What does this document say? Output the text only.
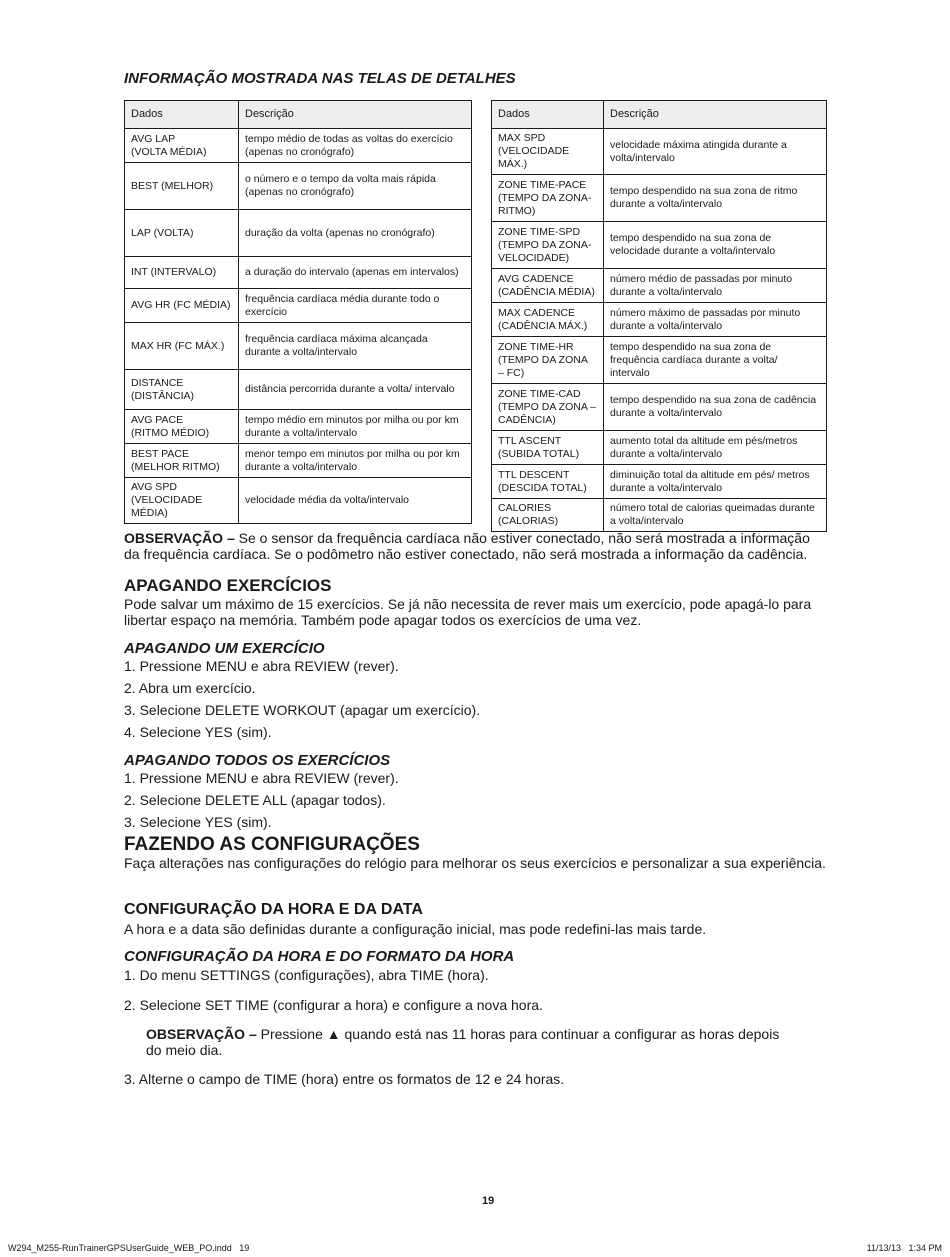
INFORMAÇÃO MOSTRADA NAS TELAS DE DETALHES
Dados	Descrição
AVG LAP
(VOLTA MÉDIA)	tempo médio de todas as voltas do exercício (apenas no cronógrafo)
BEST (MELHOR)	o número e o tempo da volta mais rápida (apenas no cronógrafo)
LAP (VOLTA)	duração da volta (apenas no cronógrafo)
INT (INTERVALO)	a duração do intervalo (apenas em intervalos)
AVG HR (FC MÉDIA)	frequência cardíaca média durante todo o exercício
MAX HR (FC MÁX.)	frequência cardíaca máxima alcançada durante a volta/intervalo
DISTANCE
(DISTÂNCIA)	distância percorrida durante a volta/ intervalo
AVG PACE
(RITMO MÉDIO)	tempo médio em minutos por milha ou por km durante a volta/intervalo
BEST PACE
(MELHOR RITMO)	menor tempo em minutos por milha ou por km durante a volta/intervalo
AVG SPD
(VELOCIDADE MÉDIA)	velocidade média da volta/intervalo
Dados	Descrição
MAX SPD
(VELOCIDADE MÁX.)	velocidade máxima atingida durante a volta/intervalo
ZONE TIME-PACE
(TEMPO DA ZONA-
RITMO)	tempo despendido na sua zona de ritmo durante a volta/intervalo
ZONE TIME-SPD
(TEMPO DA ZONA-
VELOCIDADE)	tempo despendido na sua zona de velocidade durante a volta/intervalo
AVG CADENCE
(CADÊNCIA MÉDIA)	número médio de passadas por minuto durante a volta/intervalo
MAX CADENCE
(CADÊNCIA MÁX.)	número máximo de passadas por minuto durante a volta/intervalo
ZONE TIME-HR
(TEMPO DA ZONA
– FC)	tempo despendido na sua zona de frequência cardíaca durante a volta/ intervalo
ZONE TIME-CAD
(TEMPO DA ZONA –
CADÊNCIA)	tempo despendido na sua zona de cadência durante a volta/intervalo
TTL ASCENT
(SUBIDA TOTAL)	aumento total da altitude em pés/metros durante a volta/intervalo
TTL DESCENT
(DESCIDA TOTAL)	diminuição total da altitude em pés/ metros durante a volta/intervalo
CALORIES
(CALORIAS)	número total de calorias queimadas durante a volta/intervalo
OBSERVAÇÃO – Se o sensor da frequência cardíaca não estiver conectado, não será mostrada a informação da frequência cardíaca. Se o podômetro não estiver conectado, não será mostrada a informação da cadência.
APAGANDO EXERCÍCIOS
Pode salvar um máximo de 15 exercícios. Se já não necessita de rever mais um exercício, pode apagá-lo para libertar espaço na memória. Também pode apagar todos os exercícios de uma vez.
APAGANDO UM EXERCÍCIO
1. Pressione MENU e abra REVIEW (rever).
2. Abra um exercício.
3. Selecione DELETE WORKOUT (apagar um exercício).
4. Selecione YES (sim).
APAGANDO TODOS OS EXERCÍCIOS
1. Pressione MENU e abra REVIEW (rever).
2. Selecione DELETE ALL (apagar todos).
3. Selecione YES (sim).
FAZENDO AS CONFIGURAÇÕES
Faça alterações nas configurações do relógio para melhorar os seus exercícios e personalizar a sua experiência.
CONFIGURAÇÃO DA HORA E DA DATA
A hora e a data são definidas durante a configuração inicial, mas pode redefini-las mais tarde.
CONFIGURAÇÃO DA HORA E DO FORMATO DA HORA
1. Do menu SETTINGS (configurações), abra TIME (hora).
2. Selecione SET TIME (configurar a hora) e configure a nova hora.
OBSERVAÇÃO – Pressione ▲ quando está nas 11 horas para continuar a configurar as horas depois do meio dia.
3. Alterne o campo de TIME (hora) entre os formatos de 12 e 24 horas.
19
W294_M255-RunTrainerGPSUserGuide_WEB_PO.indd   19	11/13/13   1:34 PM
